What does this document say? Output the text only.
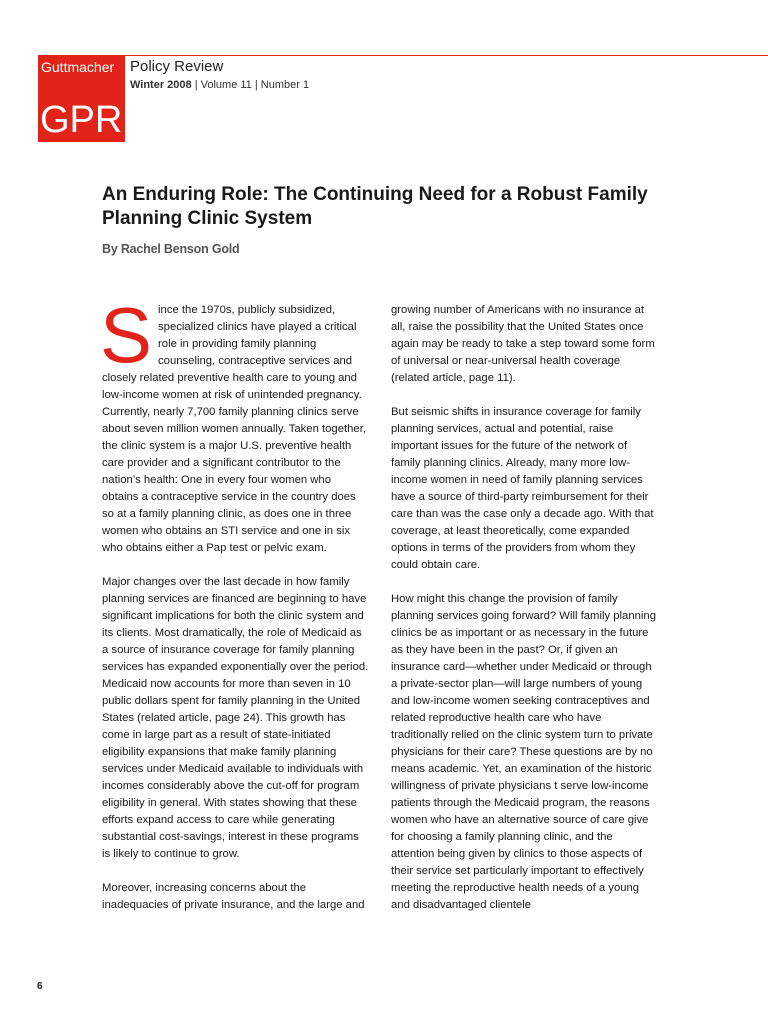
Guttmacher
GPR
Policy Review
Winter 2008 | Volume 11 | Number 1
An Enduring Role: The Continuing Need for a Robust Family Planning Clinic System
By Rachel Benson Gold

Since the 1970s, publicly subsidized, specialized clinics have played a critical role in providing family planning counseling, contraceptive services and closely related preventive health care to young and low-income women at risk of unintended pregnancy. Currently, nearly 7,700 family planning clinics serve about seven million women annually. Taken together, the clinic system is a major U.S. preventive health care provider and a significant contributor to the nation’s health: One in every four women who obtains a contraceptive service in the country does so at a family planning clinic, as does one in three women who obtains an STI service and one in six who obtains either a Pap test or pelvic exam.

Major changes over the last decade in how family planning services are financed are beginning to have significant implications for both the clinic system and its clients. Most dramatically, the role of Medicaid as a source of insurance coverage for family planning services has expanded exponentially over the period. Medicaid now accounts for more than seven in 10 public dollars spent for family planning in the United States (related article, page 24). This growth has come in large part as a result of state-initiated eligibility expansions that make family planning services under Medicaid available to individuals with incomes considerably above the cut-off for program eligibility in general. With states showing that these efforts expand access to care while generating substantial cost-savings, interest in these programs is likely to continue to grow.

Moreover, increasing concerns about the inadequacies of private insurance, and the large and

growing number of Americans with no insurance at all, raise the possibility that the United States once again may be ready to take a step toward some form of universal or near-universal health coverage (related article, page 11).

But seismic shifts in insurance coverage for family planning services, actual and potential, raise important issues for the future of the network of family planning clinics. Already, many more low-income women in need of family planning services have a source of third-party reimbursement for their care than was the case only a decade ago. With that coverage, at least theoretically, come expanded options in terms of the providers from whom they could obtain care.

How might this change the provision of family planning services going forward? Will family planning clinics be as important or as necessary in the future as they have been in the past? Or, if given an insurance card—whether under Medicaid or through a private-sector plan—will large numbers of young and low-income women seeking contraceptives and related reproductive health care who have traditionally relied on the clinic system turn to private physicians for their care? These questions are by no means academic. Yet, an examination of the historic willingness of private physicians t serve low-income patients through the Medicaid program, the reasons women who have an alternative source of care give for choosing a family planning clinic, and the attention being given by clinics to those aspects of their service set particularly important to effectively meeting the reproductive health needs of a young and disadvantaged clientele

6
